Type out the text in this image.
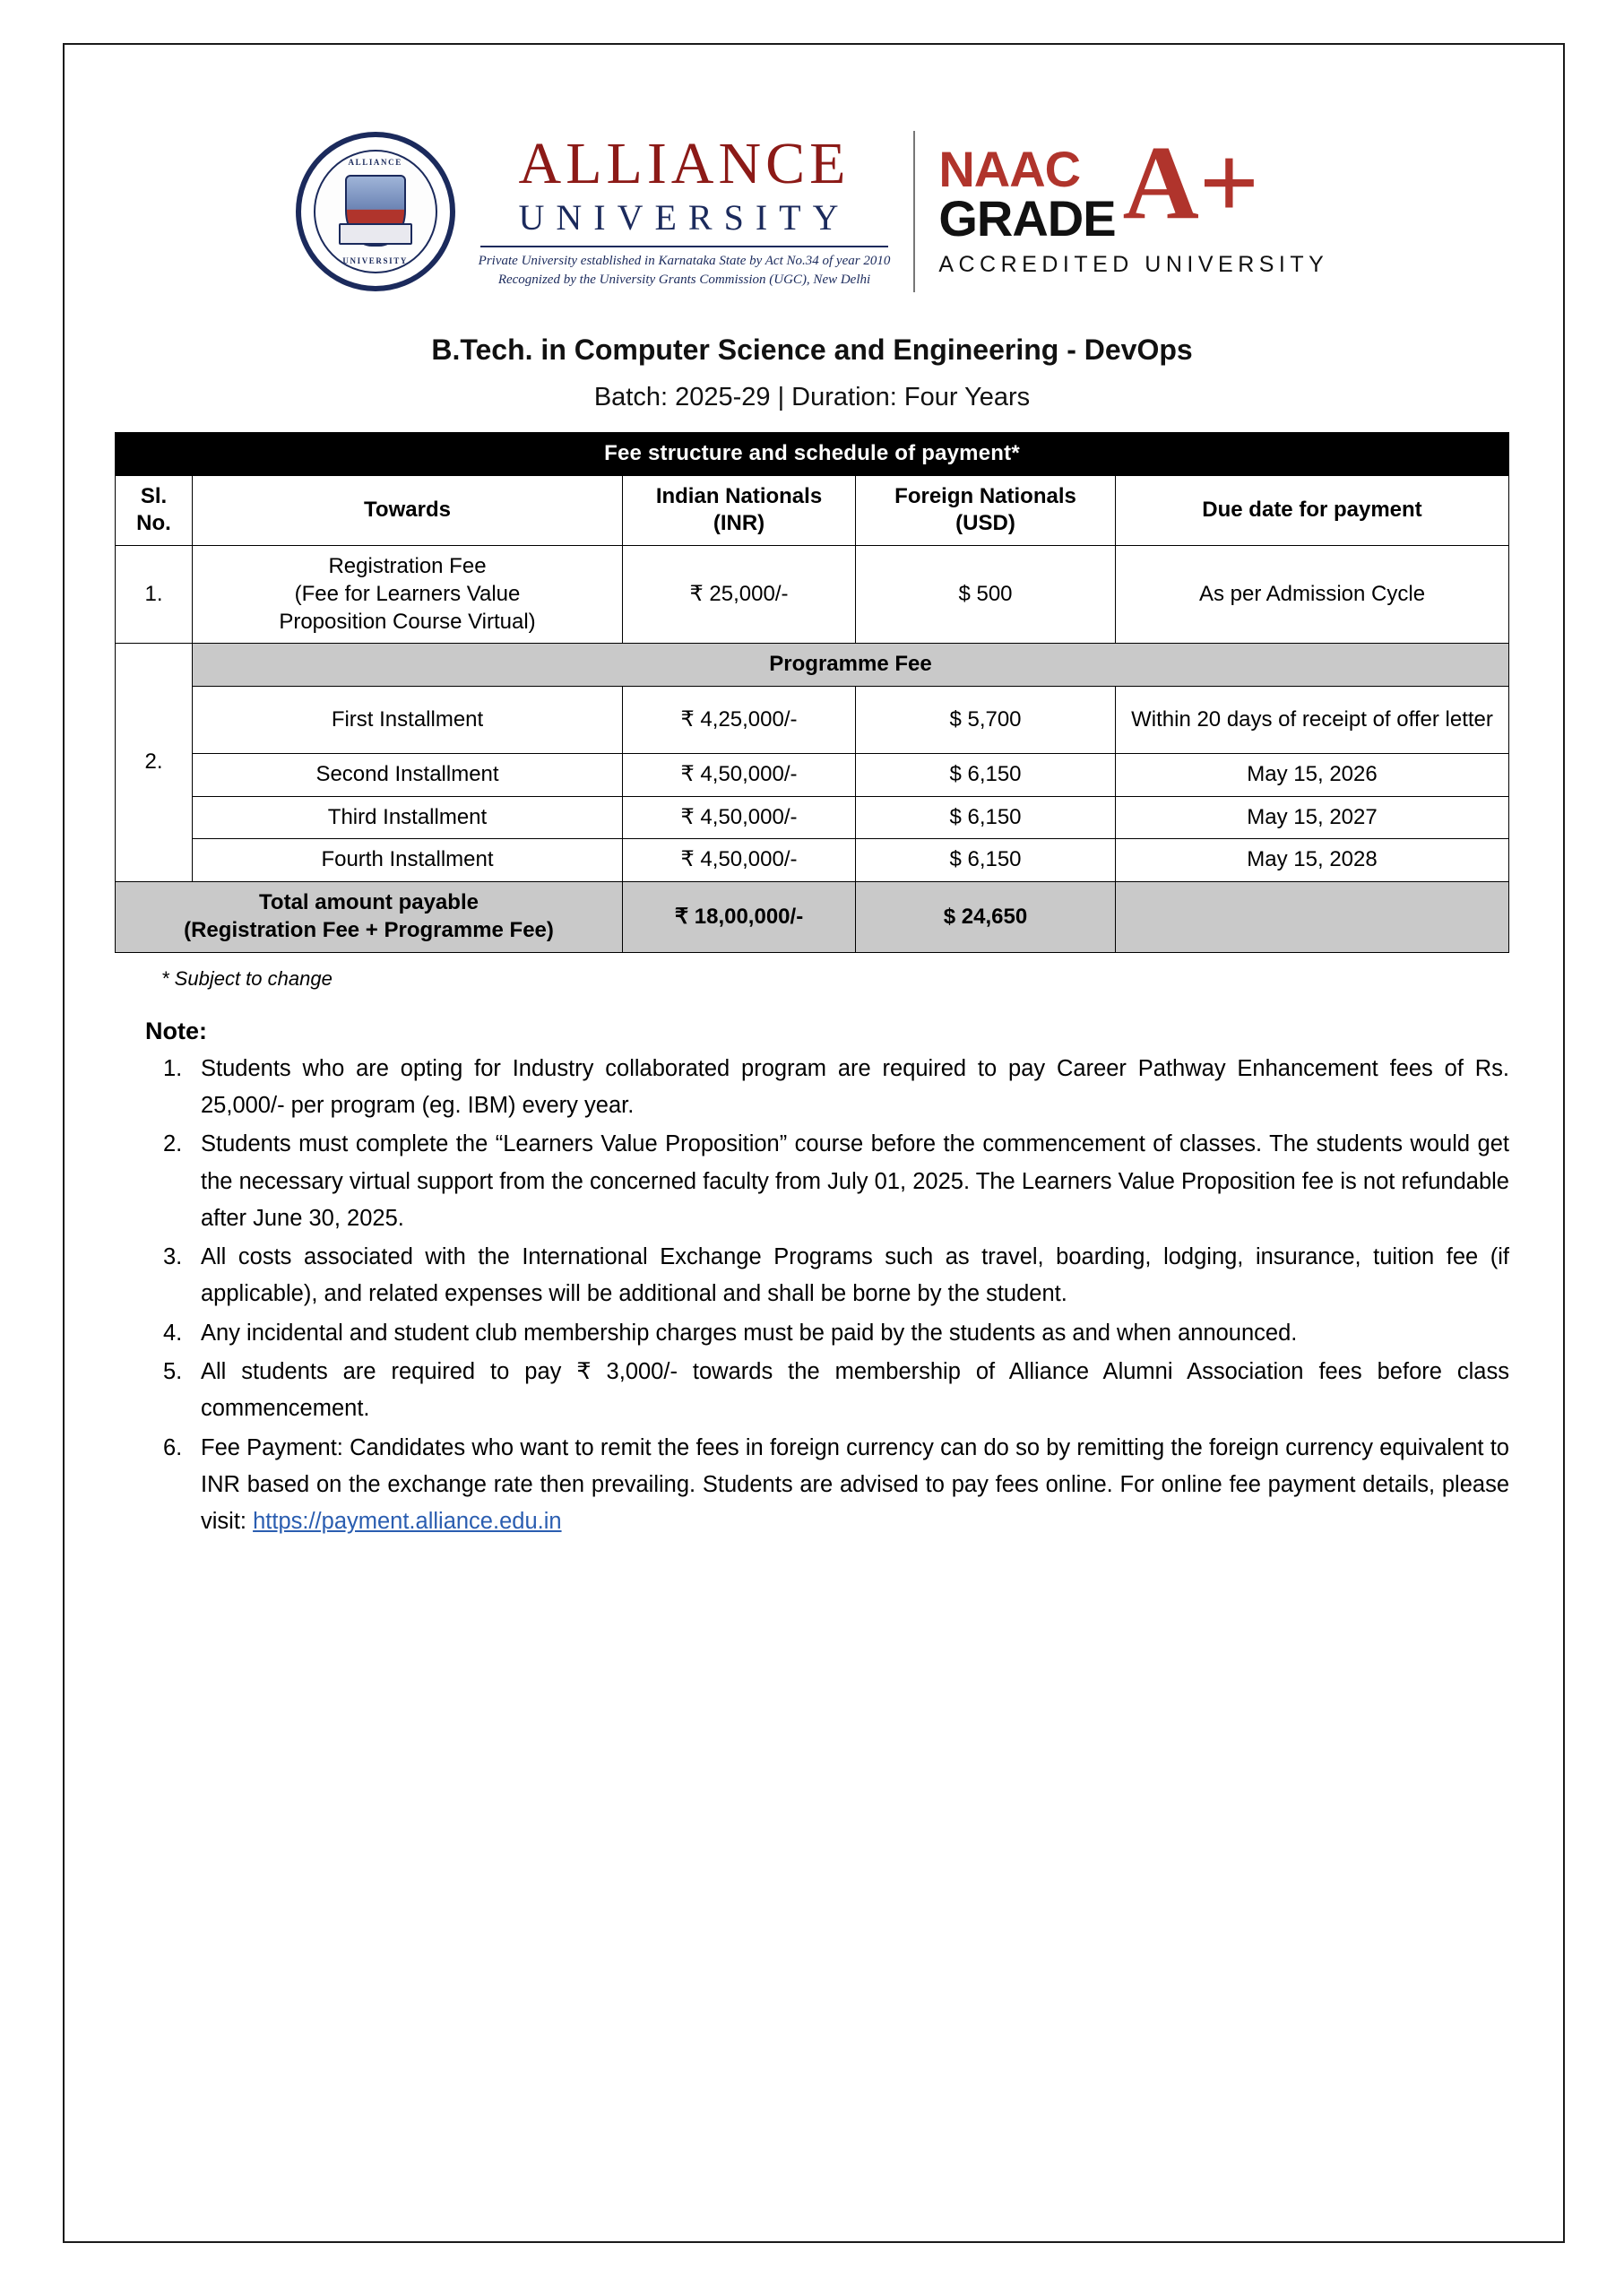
ALLIANCE
UNIVERSITY
ALLIANCE
UNIVERSITY
Private University established in Karnataka State by Act No.34 of year 2010
Recognized by the University Grants Commission (UGC), New Delhi
NAAC
GRADE A+
ACCREDITED UNIVERSITY
B.Tech. in Computer Science and Engineering - DevOps
Batch: 2025-29 | Duration: Four Years
Fee structure and schedule of payment*				
Sl. No.	Towards	Indian Nationals (INR)	Foreign Nationals (USD)	Due date for payment
1.	Registration Fee
(Fee for Learners Value
Proposition Course Virtual)	₹ 25,000/-	$ 500	As per Admission Cycle
2.	Programme Fee			
	First Installment	₹ 4,25,000/-	$ 5,700	Within 20 days of receipt of offer letter
	Second Installment	₹ 4,50,000/-	$ 6,150	May 15, 2026
	Third Installment	₹ 4,50,000/-	$ 6,150	May 15, 2027
	Fourth Installment	₹ 4,50,000/-	$ 6,150	May 15, 2028

Total amount payable
(Registration Fee + Programme Fee)		₹ 18,00,000/-	$ 24,650	
* Subject to change
Note:
1. Students who are opting for Industry collaborated program are required to pay Career Pathway Enhancement fees of Rs. 25,000/- per program (eg. IBM) every year.
2. Students must complete the “Learners Value Proposition” course before the commencement of classes. The students would get the necessary virtual support from the concerned faculty from July 01, 2025. The Learners Value Proposition fee is not refundable after June 30, 2025.
3. All costs associated with the International Exchange Programs such as travel, boarding, lodging, insurance, tuition fee (if applicable), and related expenses will be additional and shall be borne by the student.
4. Any incidental and student club membership charges must be paid by the students as and when announced.
5. All students are required to pay ₹ 3,000/- towards the membership of Alliance Alumni Association fees before class commencement.
6. Fee Payment: Candidates who want to remit the fees in foreign currency can do so by remitting the foreign currency equivalent to INR based on the exchange rate then prevailing. Students are advised to pay fees online. For online fee payment details, please visit: https://payment.alliance.edu.in
